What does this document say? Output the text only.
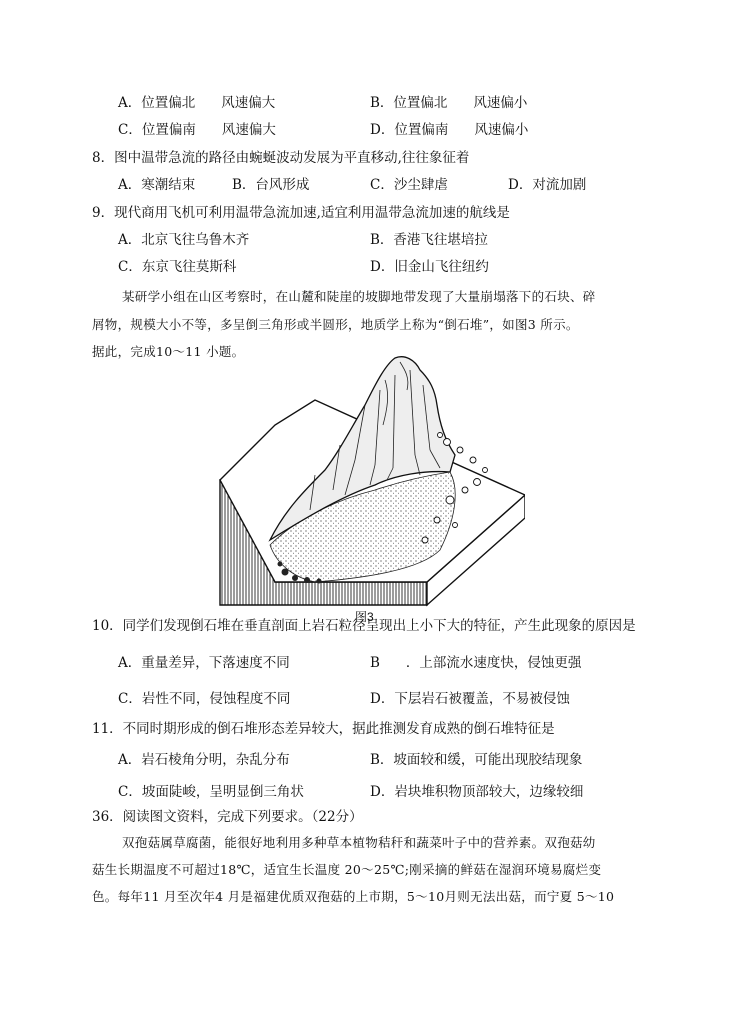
A．位置偏北 风速偏大	B．位置偏北 风速偏小
C．位置偏南 风速偏大	D．位置偏南 风速偏小
8．图中温带急流的路径由蜿蜒波动发展为平直移动,往往象征着
A．寒潮结束	B．台风形成	C．沙尘肆虐	D．对流加剧
9．现代商用飞机可利用温带急流加速,适宜利用温带急流加速的航线是
A．北京飞往乌鲁木齐	B．香港飞往堪培拉
C．东京飞往莫斯科	D．旧金山飞往纽约
某研学小组在山区考察时，在山麓和陡崖的坡脚地带发现了大量崩塌落下的石块、碎
屑物，规模大小不等，多呈倒三角形或半圆形，地质学上称为“倒石堆”，如图3 所示。
据此，完成10～11 小题。
图3
10．同学们发现倒石堆在垂直剖面上岩石粒径呈现出上小下大的特征，产生此现象的原因是
A．重量差异，下落速度不同	B ．上部流水速度快，侵蚀更强
C．岩性不同，侵蚀程度不同	D．下层岩石被覆盖，不易被侵蚀
11．不同时期形成的倒石堆形态差异较大，据此推测发育成熟的倒石堆特征是
A．岩石棱角分明，杂乱分布	B．坡面较和缓，可能出现胶结现象
C．坡面陡峻，呈明显倒三角状	D．岩块堆积物顶部较大，边缘较细
36．阅读图文资料，完成下列要求。（22分）
双孢菇属草腐菌，能很好地利用多种草本植物秸秆和蔬菜叶子中的营养素。双孢菇幼
菇生长期温度不可超过18℃，适宜生长温度 20～25℃;刚采摘的鲜菇在湿润环境易腐烂变
色。每年11 月至次年4 月是福建优质双孢菇的上市期，5～10月则无法出菇，而宁夏 5～10
